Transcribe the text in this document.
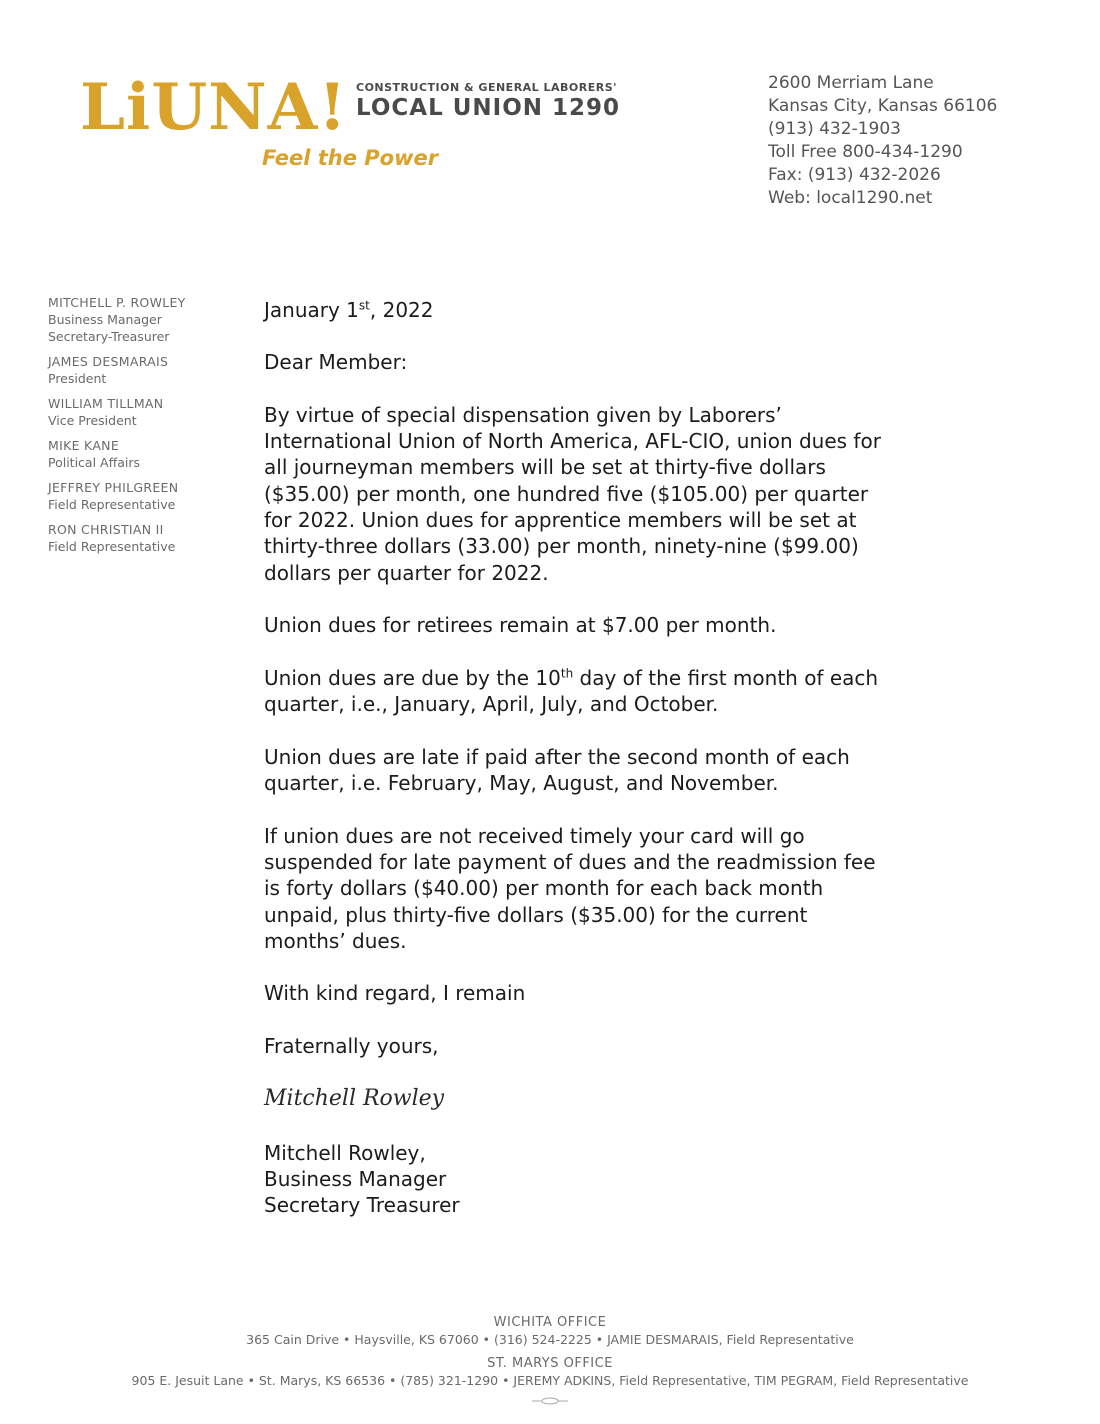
LiUNA! CONSTRUCTION & GENERAL LABORERS'
LOCAL UNION 1290
Feel the Power
2600 Merriam Lane
Kansas City, Kansas 66106
(913) 432-1903
Toll Free 800-434-1290
Fax: (913) 432-2026
Web: local1290.net
MITCHELL P. ROWLEY
Business Manager
Secretary-Treasurer
JAMES DESMARAIS
President
WILLIAM TILLMAN
Vice President
MIKE KANE
Political Affairs
JEFFREY PHILGREEN
Field Representative
RON CHRISTIAN II
Field Representative

January 1st, 2022

Dear Member:

By virtue of special dispensation given by Laborers’
International Union of North America, AFL-CIO, union dues for
all journeyman members will be set at thirty-five dollars
($35.00) per month, one hundred five ($105.00) per quarter
for 2022. Union dues for apprentice members will be set at
thirty-three dollars (33.00) per month, ninety-nine ($99.00)
dollars per quarter for 2022.

Union dues for retirees remain at $7.00 per month.

Union dues are due by the 10th day of the first month of each
quarter, i.e., January, April, July, and October.

Union dues are late if paid after the second month of each
quarter, i.e. February, May, August, and November.

If union dues are not received timely your card will go
suspended for late payment of dues and the readmission fee
is forty dollars ($40.00) per month for each back month
unpaid, plus thirty-five dollars ($35.00) for the current
months’ dues.

With kind regard, I remain

Fraternally yours,

Mitchell Rowley

Mitchell Rowley,
Business Manager
Secretary Treasurer

WICHITA OFFICE
365 Cain Drive • Haysville, KS 67060 • (316) 524-2225 • JAMIE DESMARAIS, Field Representative
ST. MARYS OFFICE
905 E. Jesuit Lane • St. Marys, KS 66536 • (785) 321-1290 • JEREMY ADKINS, Field Representative, TIM PEGRAM, Field Representative
